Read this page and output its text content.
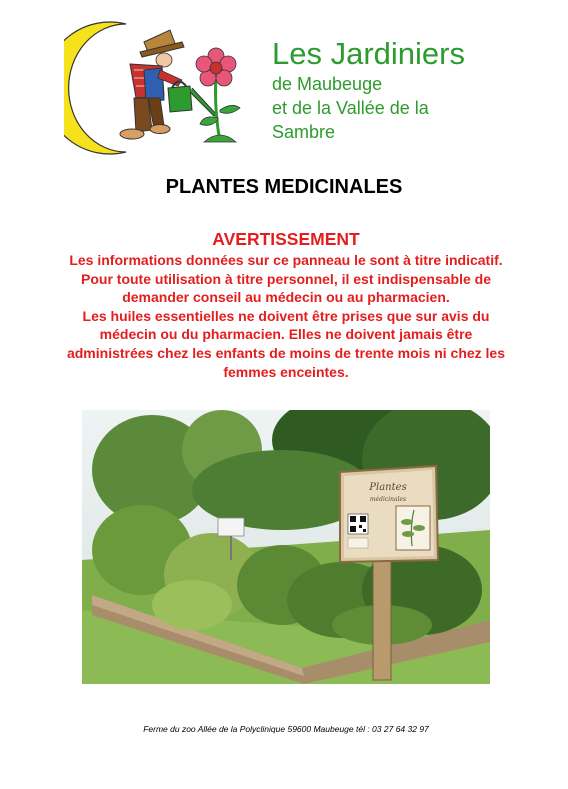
Les Jardiniers
de Maubeuge
et de la Vallée de la
Sambre
PLANTES MEDICINALES
AVERTISSEMENT
Les informations données sur ce panneau le sont à titre indicatif.
Pour toute utilisation à titre personnel, il est indispensable de demander conseil au médecin ou au pharmacien.
Les huiles essentielles ne doivent être prises que sur avis du médecin ou du pharmacien. Elles ne doivent jamais être administrées chez les enfants de moins de trente mois ni chez les femmes enceintes.
Plantes
médicinales
Ferme du zoo Allée de la Polyclinique 59600 Maubeuge tél : 03 27 64 32 97
